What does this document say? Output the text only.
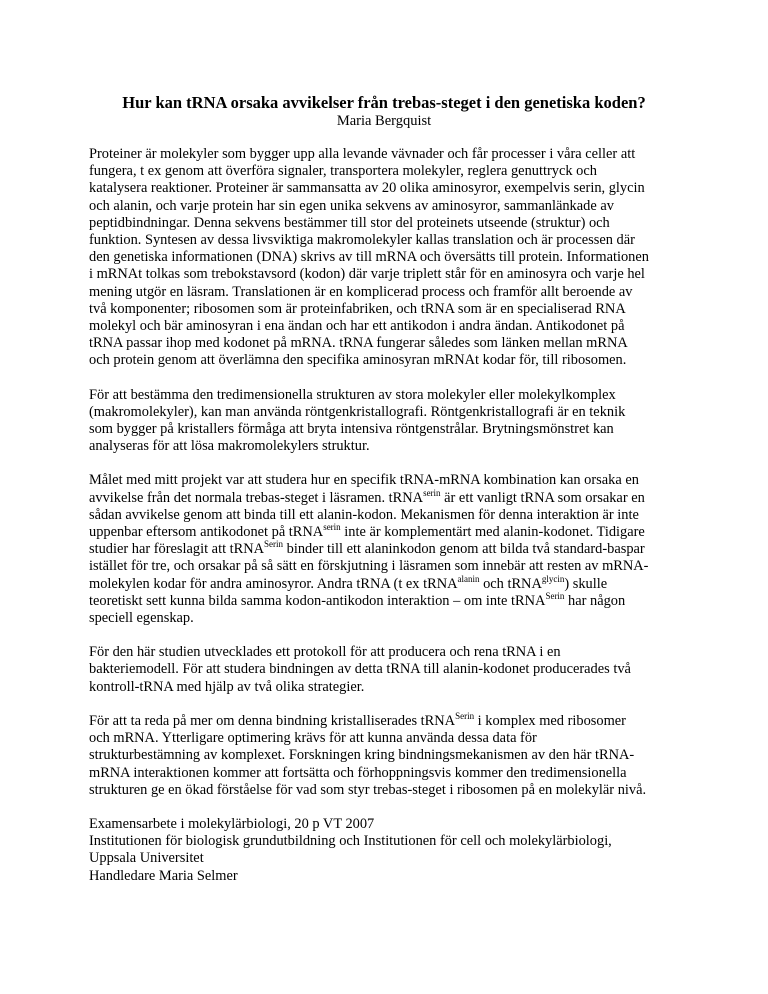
Hur kan tRNA orsaka avvikelser från trebas-steget i den genetiska koden?

Maria Bergquist

Proteiner är molekyler som bygger upp alla levande vävnader och får processer i våra celler att
fungera, t ex genom att överföra signaler, transportera molekyler, reglera genuttryck och
katalysera reaktioner. Proteiner är sammansatta av 20 olika aminosyror, exempelvis serin, glycin
och alanin, och varje protein har sin egen unika sekvens av aminosyror, sammanlänkade av
peptidbindningar. Denna sekvens bestämmer till stor del proteinets utseende (struktur) och
funktion. Syntesen av dessa livsviktiga makromolekyler kallas translation och är processen där
den genetiska informationen (DNA) skrivs av till mRNA och översätts till protein. Informationen
i mRNAt tolkas som trebokstavsord (kodon) där varje triplett står för en aminosyra och varje hel
mening utgör en läsram. Translationen är en komplicerad process och framför allt beroende av
två komponenter; ribosomen som är proteinfabriken, och tRNA som är en specialiserad RNA
molekyl och bär aminosyran i ena ändan och har ett antikodon i andra ändan. Antikodonet på
tRNA passar ihop med kodonet på mRNA. tRNA fungerar således som länken mellan mRNA
och protein genom att överlämna den specifika aminosyran mRNAt kodar för, till ribosomen.

För att bestämma den tredimensionella strukturen av stora molekyler eller molekylkomplex
(makromolekyler), kan man använda röntgenkristallografi. Röntgenkristallografi är en teknik
som bygger på kristallers förmåga att bryta intensiva röntgenstrålar. Brytningsmönstret kan
analyseras för att lösa makromolekylers struktur.

Målet med mitt projekt var att studera hur en specifik tRNA-mRNA kombination kan orsaka en
avvikelse från det normala trebas-steget i läsramen. tRNA$^{serin}$ är ett vanligt tRNA som orsakar en
sådan avvikelse genom att binda till ett alanin-kodon. Mekanismen för denna interaktion är inte
uppenbar eftersom antikodonet på tRNA$^{serin}$ inte är komplementärt med alanin-kodonet. Tidigare
studier har föreslagit att tRNA$^{Serin}$ binder till ett alaninkodon genom att bilda två standard-baspar
istället för tre, och orsakar på så sätt en förskjutning i läsramen som innebär att resten av mRNA-
molekylen kodar för andra aminosyror. Andra tRNA (t ex tRNA$^{alanin}$ och tRNA$^{glycin}$) skulle
teoretiskt sett kunna bilda samma kodon-antikodon interaktion – om inte tRNA$^{Serin}$ har någon
speciell egenskap.

För den här studien utvecklades ett protokoll för att producera och rena tRNA i en
bakteriemodell. För att studera bindningen av detta tRNA till alanin-kodonet producerades två
kontroll-tRNA med hjälp av två olika strategier.

För att ta reda på mer om denna bindning kristalliserades tRNA$^{Serin}$ i komplex med ribosomer
och mRNA. Ytterligare optimering krävs för att kunna använda dessa data för
strukturbestämning av komplexet. Forskningen kring bindningsmekanismen av den här tRNA-
mRNA interaktionen kommer att fortsätta och förhoppningsvis kommer den tredimensionella
strukturen ge en ökad förståelse för vad som styr trebas-steget i ribosomen på en molekylär nivå.

Examensarbete i molekylärbiologi, 20 p VT 2007
Institutionen för biologisk grundutbildning och Institutionen för cell och molekylärbiologi,
Uppsala Universitet
Handledare Maria Selmer
